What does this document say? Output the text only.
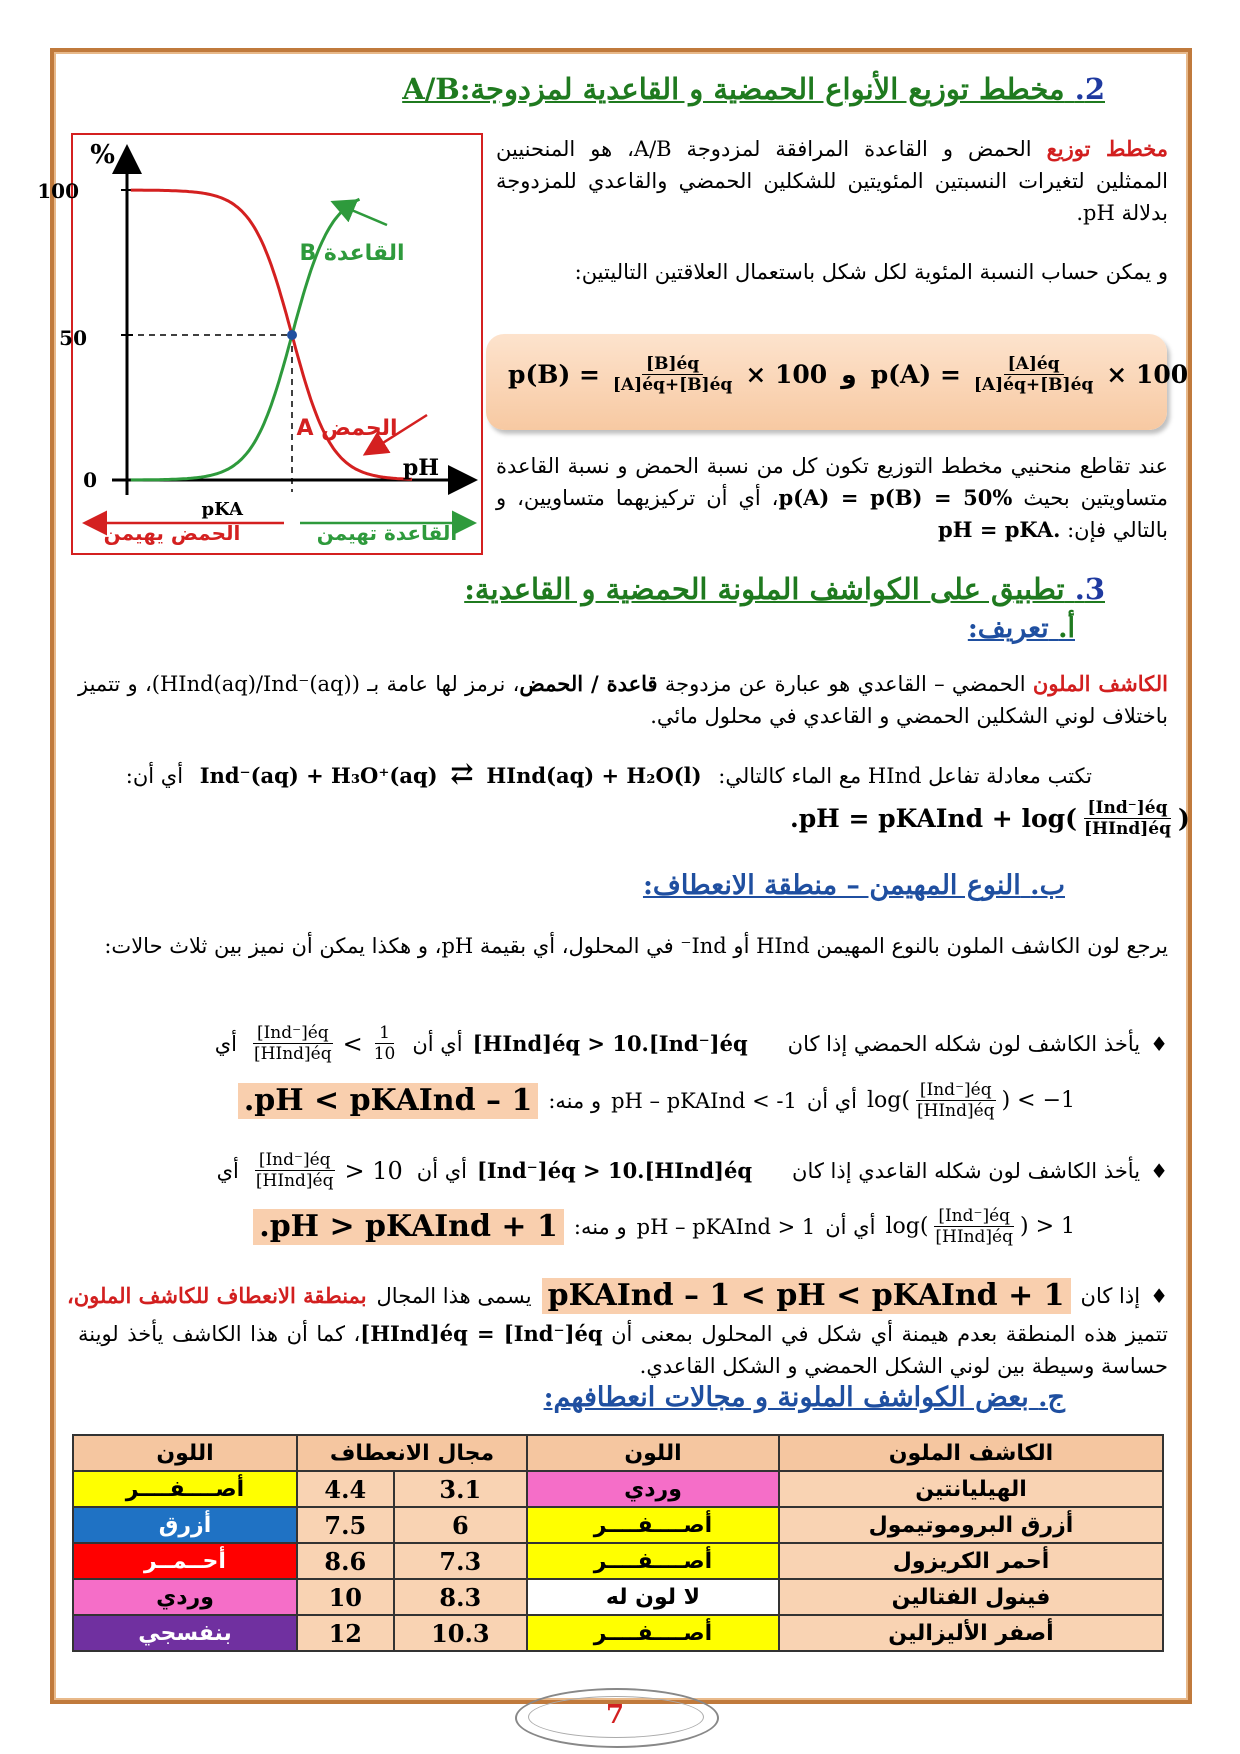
2. مخطط توزيع الأنواع الحمضية و القاعدية لمزدوجةA/B:
%
100
50
0	pH
pKA
القاعدة B
الحمض A
الحمض يهيمن	القاعدة تهيمن
مخطط توزيع الحمض و القاعدة المرافقة لمزدوجة A/B، هو المنحنيين الممثلين لتغيرات النسبتين المئويتين للشكلين الحمضي والقاعدي للمزدوجة بدلالة pH.
و يمكن حساب النسبة المئوية لكل شكل باستعمال العلاقتين التاليتين:
$p(B) = \frac{[B]éq}{[A]éq+[B]éq} \times 100$ و $p(A) = \frac{[A]éq}{[A]éq+[B]éq} \times 100$
عند تقاطع منحنيي مخطط التوزيع تكون كل من نسبة الحمض و نسبة القاعدة متساويتين بحيث p(A) = p(B) = 50%، أي أن تركيزيهما متساويين، و بالتالي فإن: pH = pKA.
3. تطبيق على الكواشف الملونة الحمضية و القاعدية:
أ. تعريف:
الكاشف الملون الحمضي – القاعدي هو عبارة عن مزدوجة قاعدة / الحمض، نرمز لها عامة بـ (HInd(aq)/Ind⁻(aq))، و تتميز باختلاف لوني الشكلين الحمضي و القاعدي في محلول مائي.
تكتب معادلة تفاعل HInd مع الماء كالتالي: HInd(aq) + H₂O(l) ⇄ Ind⁻(aq) + H₃O⁺(aq) أي أن:
.pH = pKAInd + $\log( \frac{\text{[Ind⁻]éq}}{\text{[HInd]éq}}$ )
ب. النوع المهيمن – منطقة الانعطاف:
يرجع لون الكاشف الملون بالنوع المهيمن HInd أو Ind⁻ في المحلول، أي بقيمة pH، و هكذا يمكن أن نميز بين ثلاث حالات:
♦
يأخذ الكاشف لون شكله الحمضي إذا كان
[HInd]éq > 10.[Ind⁻]éq
أي أن
$\frac{\text{[Ind⁻]éq}}{\text{[HInd]éq}} < \frac{1}{10}$
أي
$\log( \frac{\text{[Ind⁻]éq}}{\text{[HInd]éq}}$ ) < −1
أي أن
pH – pKAInd < -1
و منه:
.pH < pKAInd – 1
♦
يأخذ الكاشف لون شكله القاعدي إذا كان
[Ind⁻]éq > 10.[HInd]éq
أي أن
$\frac{\text{[Ind⁻]éq}}{\text{[HInd]éq}} > 10$
أي
$\log( \frac{\text{[Ind⁻]éq}}{\text{[HInd]éq}}$ ) > 1
أي أن
pH – pKAInd > 1
و منه:
.pH > pKAInd + 1
♦
إذا كان
pKAInd – 1 < pH < pKAInd + 1
يسمى هذا المجال
بمنطقة الانعطاف للكاشف الملون،
تتميز هذه المنطقة بعدم هيمنة أي شكل في المحلول بمعنى أن [HInd]éq = [Ind⁻]éq، كما أن هذا الكاشف يأخذ لوينة حساسة وسيطة بين لوني الشكل الحمضي و الشكل القاعدي.
ج. بعض الكواشف الملونة و مجالات انعطافهم:
الكاشف الملون	اللون	مجال الانعطاف		اللون
الهيليانتين	وردي	3.1	4.4	أصــــفــــر
أزرق البروموتيمول	أصــــفــــر	6	7.5	أزرق
أحمر الكريزول	أصــــفــــر	7.3	8.6	أحــمــر
فينول الفتالين	لا لون له	8.3	10	وردي
أصفر الأليزالين	أصــــفــــر	10.3	12	بنفسجي
7
